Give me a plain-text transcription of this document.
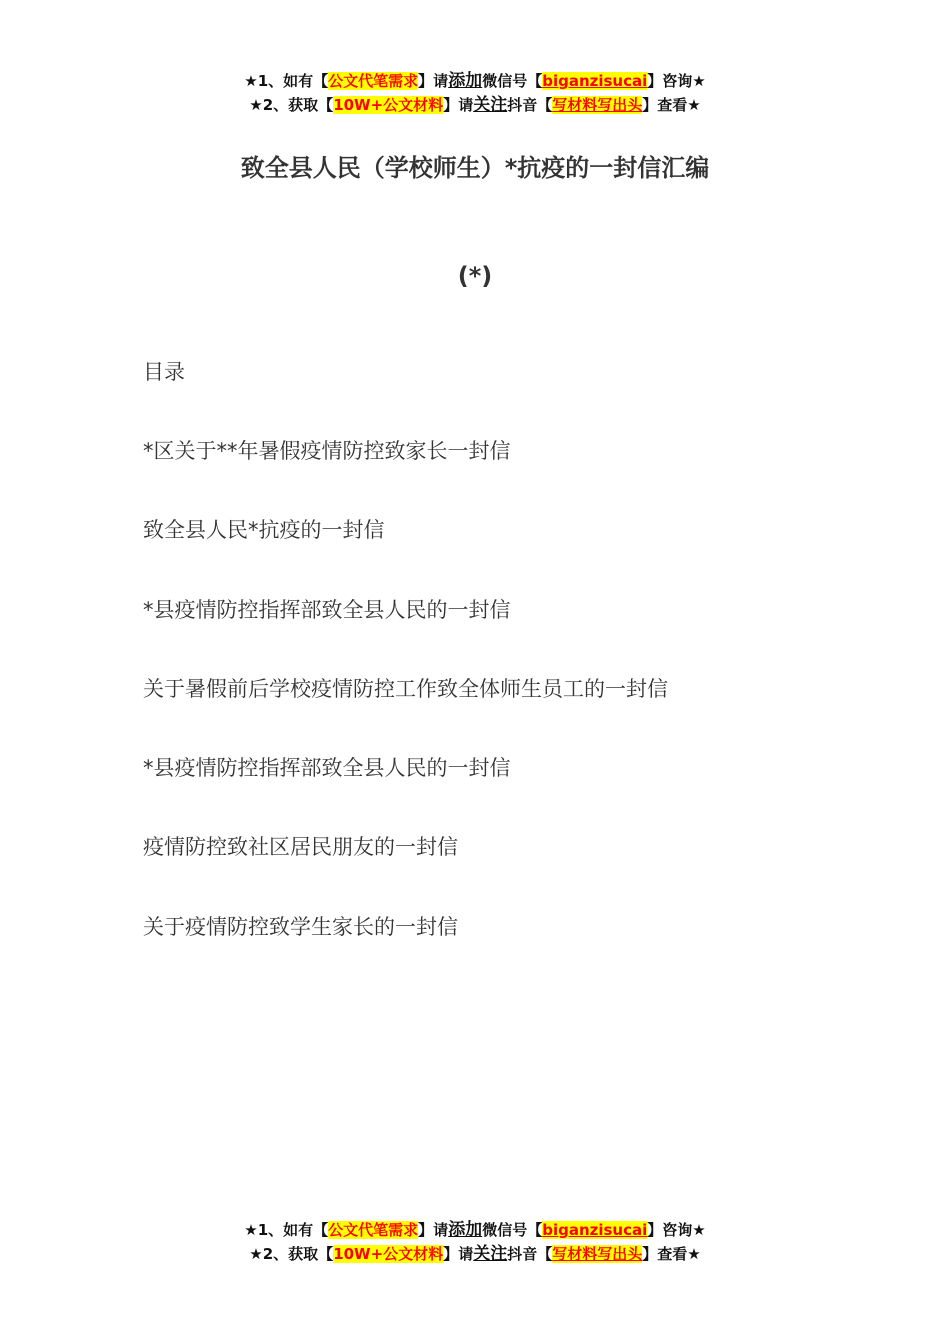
★1、如有【公文代笔需求】请添加微信号【biganzisucai】咨询★
★2、获取【10W+公文材料】请关注抖音【写材料写出头】查看★
致全县人民（学校师生）*抗疫的一封信汇编
(*)
目录
*区关于**年暑假疫情防控致家长一封信
致全县人民*抗疫的一封信
*县疫情防控指挥部致全县人民的一封信
关于暑假前后学校疫情防控工作致全体师生员工的一封信
*县疫情防控指挥部致全县人民的一封信
疫情防控致社区居民朋友的一封信
关于疫情防控致学生家长的一封信
★1、如有【公文代笔需求】请添加微信号【biganzisucai】咨询★
★2、获取【10W+公文材料】请关注抖音【写材料写出头】查看★
